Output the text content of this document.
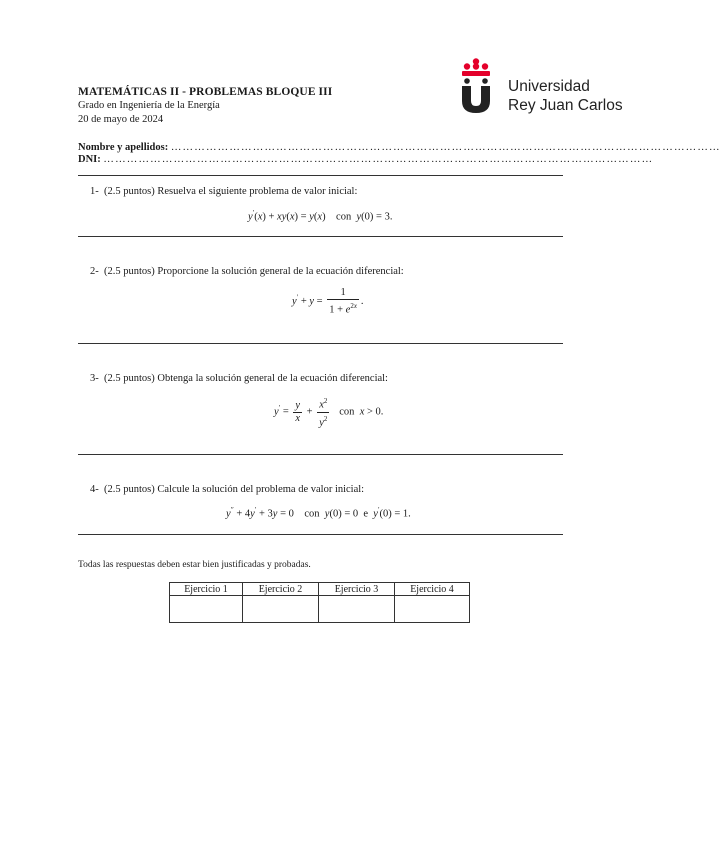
MATEMÁTICAS II - PROBLEMAS BLOQUE III
Grado en Ingeniería de la Energía
20 de mayo de 2024
Universidad
Rey Juan Carlos
Nombre y apellidos: ……………………………………………………………………………………………………………………………
DNI: ……………………………………………………………………………………………………………………………
1- (2.5 puntos) Resuelva el siguiente problema de valor inicial:
y′(x) + xy(x) = y(x)    con  y(0) = 3.
2- (2.5 puntos) Proporcione la solución general de la ecuación diferencial:
$y' + y = \frac{1}{1 + e^{2x}}$ .
3- (2.5 puntos) Obtenga la solución general de la ecuación diferencial:
$y' = \frac{y}{x} + \frac{x^2}{y^2}$ con  x > 0.
4- (2.5 puntos) Calcule la solución del problema de valor inicial:
y′′ + 4y′ + 3y = 0    con  y(0) = 0  e  y′(0) = 1.
Todas las respuestas deben estar bien justificadas y probadas.
Ejercicio 1	Ejercicio 2	Ejercicio 3	Ejercicio 4
